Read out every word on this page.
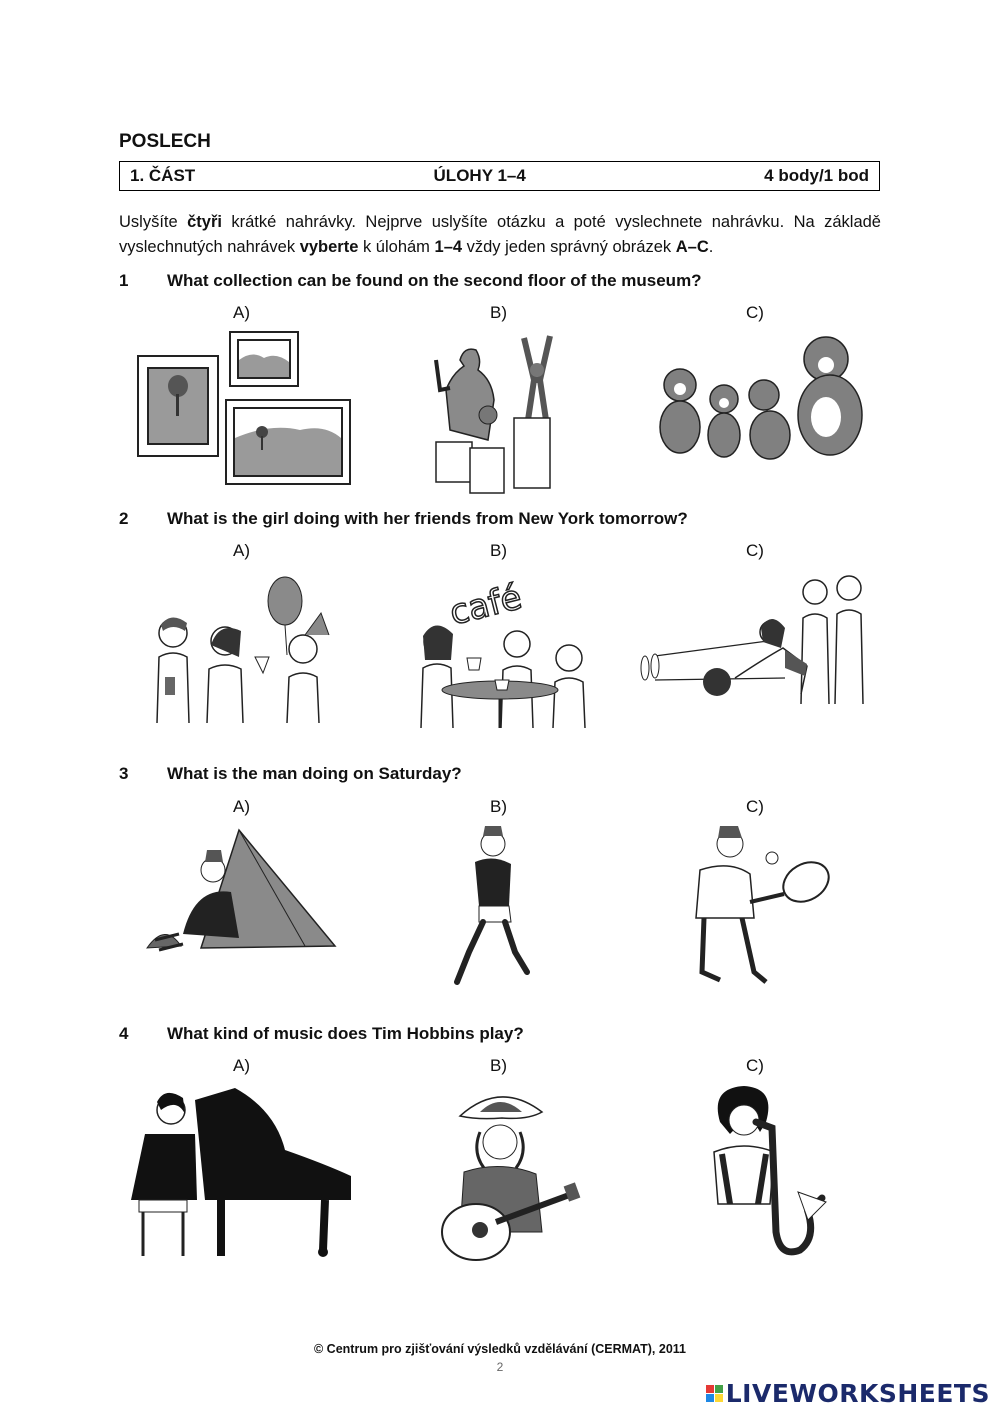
POSLECH
1. ČÁST	ÚLOHY 1–4	4 body/1 bod
Uslyšíte čtyři krátké nahrávky. Nejprve uslyšíte otázku a poté vyslechnete nahrávku. Na základě vyslechnutých nahrávek vyberte k úlohám 1–4 vždy jeden správný obrázek A–C.
1 What collection can be found on the second floor of the museum?
A)	B)	C)
2 What is the girl doing with her friends from New York tomorrow?
A)	B)	C)
café
3 What is the man doing on Saturday?
A)	B)	C)
4 What kind of music does Tim Hobbins play?
A)	B)	C)
© Centrum pro zjišťování výsledků vzdělávání (CERMAT), 2011
2
LIVEWORKSHEETS
